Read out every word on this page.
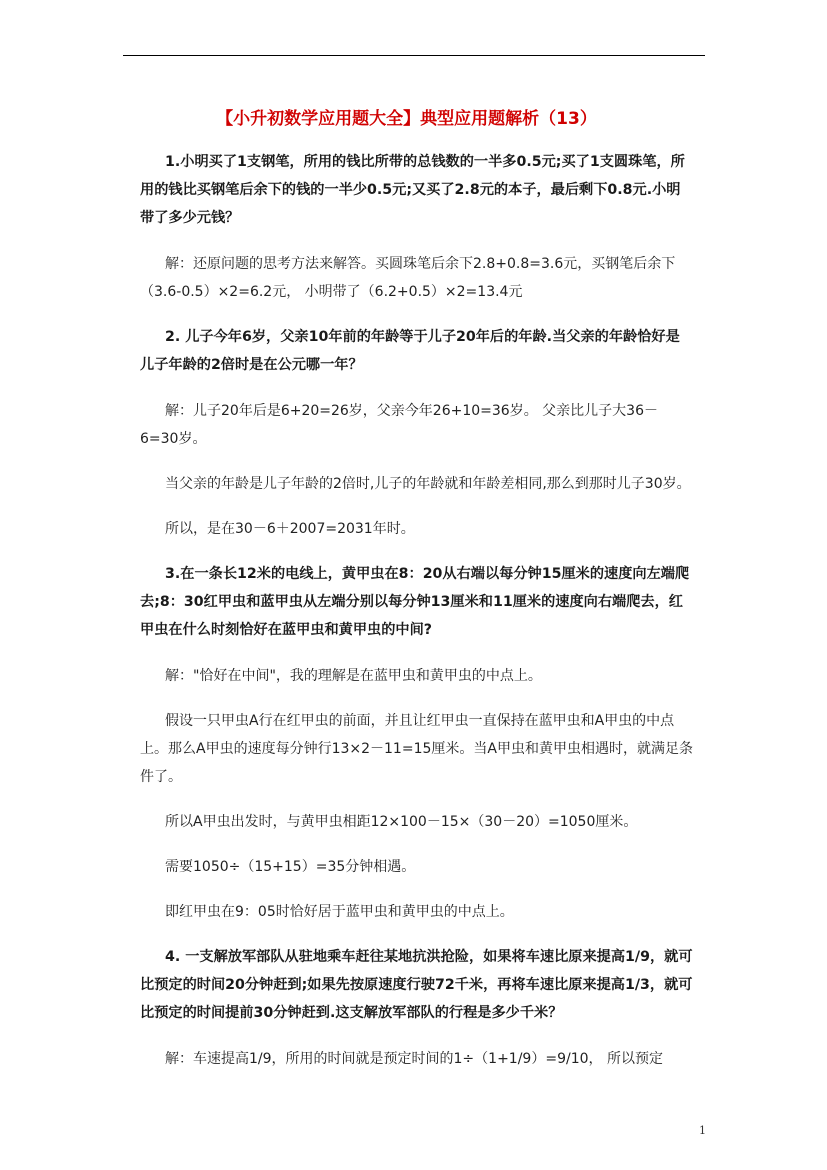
【小升初数学应用题大全】典型应用题解析（13）
1.小明买了1支钢笔，所用的钱比所带的总钱数的一半多0.5元;买了1支圆珠笔，所用的钱比买钢笔后余下的钱的一半少0.5元;又买了2.8元的本子，最后剩下0.8元.小明带了多少元钱？
解：还原问题的思考方法来解答。买圆珠笔后余下2.8+0.8=3.6元，买钢笔后余下（3.6-0.5）×2=6.2元， 小明带了（6.2+0.5）×2=13.4元
2. 儿子今年6岁，父亲10年前的年龄等于儿子20年后的年龄.当父亲的年龄恰好是儿子年龄的2倍时是在公元哪一年？
解：儿子20年后是6+20=26岁，父亲今年26+10=36岁。 父亲比儿子大36－6=30岁。
当父亲的年龄是儿子年龄的2倍时,儿子的年龄就和年龄差相同,那么到那时儿子30岁。
所以，是在30－6＋2007=2031年时。
3.在一条长12米的电线上，黄甲虫在8：20从右端以每分钟15厘米的速度向左端爬去;8：30红甲虫和蓝甲虫从左端分别以每分钟13厘米和11厘米的速度向右端爬去，红甲虫在什么时刻恰好在蓝甲虫和黄甲虫的中间?
解："恰好在中间"，我的理解是在蓝甲虫和黄甲虫的中点上。
假设一只甲虫A行在红甲虫的前面，并且让红甲虫一直保持在蓝甲虫和A甲虫的中点上。那么A甲虫的速度每分钟行13×2－11=15厘米。当A甲虫和黄甲虫相遇时，就满足条件了。
所以A甲虫出发时，与黄甲虫相距12×100－15×（30－20）=1050厘米。
需要1050÷（15+15）=35分钟相遇。
即红甲虫在9：05时恰好居于蓝甲虫和黄甲虫的中点上。
4. 一支解放军部队从驻地乘车赶往某地抗洪抢险，如果将车速比原来提高1/9，就可比预定的时间20分钟赶到;如果先按原速度行驶72千米，再将车速比原来提高1/3，就可比预定的时间提前30分钟赶到.这支解放军部队的行程是多少千米？
解：车速提高1/9，所用的时间就是预定时间的1÷（1+1/9）=9/10， 所以预定
1
